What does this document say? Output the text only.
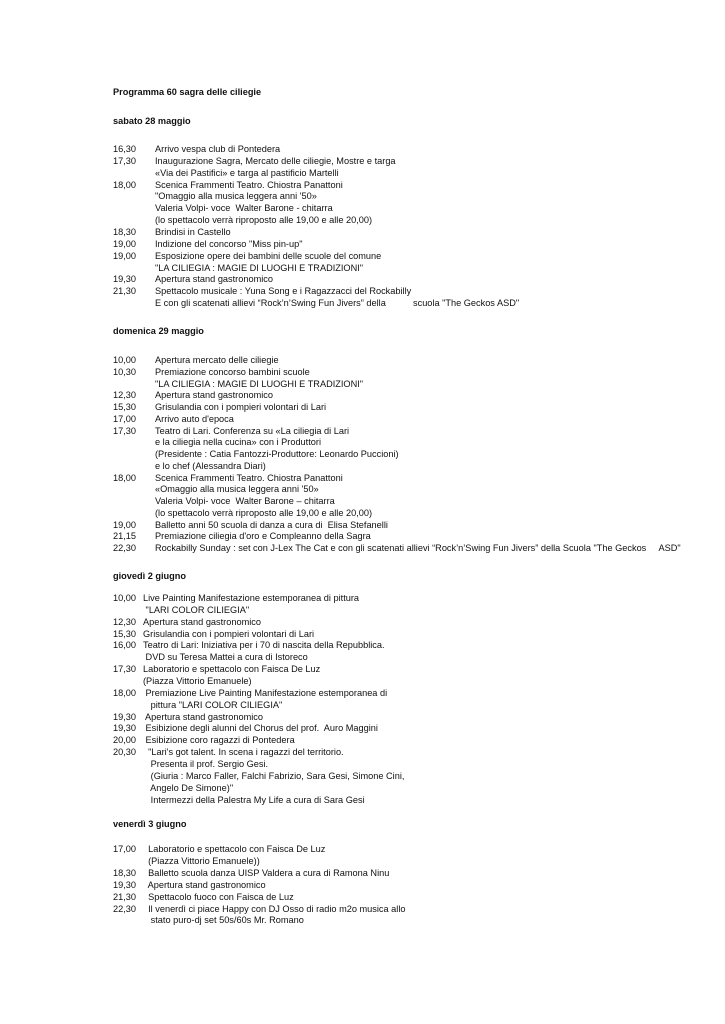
Programma 60 sagra delle ciliegie
sabato 28 maggio
16,30 Arrivo vespa club di Pontedera
17,30 Inaugurazione Sagra, Mercato delle ciliegie, Mostre e targa
«Via dei Pastifici» e targa al pastificio Martelli
18,00 Scenica Frammenti Teatro. Chiostra Panattoni
"Omaggio alla musica leggera anni '50»
Valeria Volpi- voce  Walter Barone - chitarra
(lo spettacolo verrà riproposto alle 19,00 e alle 20,00)
18,30 Brindisi in Castello
19,00 Indizione del concorso "Miss pin-up"
19,00 Esposizione opere dei bambini delle scuole del comune
"LA CILIEGIA : MAGIE DI LUOGHI E TRADIZIONI"
19,30 Apertura stand gastronomico
21,30 Spettacolo musicale : Yuna Song e i Ragazzacci del Rockabilly
E con gli scatenati allievi “Rock’n’Swing Fun Jivers” della	scuola "The Geckos ASD"
domenica 29 maggio
10,00 Apertura mercato delle ciliegie
10,30 Premiazione concorso bambini scuole
"LA CILIEGIA : MAGIE DI LUOGHI E TRADIZIONI"
12,30 Apertura stand gastronomico
15,30 Grisulandia con i pompieri volontari di Lari
17,00 Arrivo auto d'epoca
17,30 Teatro di Lari. Conferenza su «La ciliegia di Lari
e la ciliegia nella cucina» con i Produttori
(Presidente : Catia Fantozzi-Produttore: Leonardo Puccioni)
e lo chef (Alessandra Diari)
18,00 Scenica Frammenti Teatro. Chiostra Panattoni
«Omaggio alla musica leggera anni '50»
Valeria Volpi- voce  Walter Barone – chitarra
(lo spettacolo verrà riproposto alle 19,00 e alle 20,00)
19,00 Balletto anni 50 scuola di danza a cura di  Elisa Stefanelli
21,15 Premiazione ciliegia d'oro e Compleanno della Sagra
22,30 Rockabilly Sunday : set con J-Lex The Cat e con gli scatenati allievi “Rock’n’Swing Fun Jivers” della Scuola "The Geckos     ASD"
giovedì 2 giugno
10,00 Live Painting Manifestazione estemporanea di pittura
"LARI COLOR CILIEGIA"
12,30 Apertura stand gastronomico
15,30 Grisulandia con i pompieri volontari di Lari
16,00 Teatro di Lari: Iniziativa per i 70 di nascita della Repubblica.
DVD su Teresa Mattei a cura di Istoreco
17,30 Laboratorio e spettacolo con Faisca De Luz
(Piazza Vittorio Emanuele)
18,00 Premiazione Live Painting Manifestazione estemporanea di
pittura "LARI COLOR CILIEGIA"
19,30 Apertura stand gastronomico
19,30 Esibizione degli alunni del Chorus del prof.  Auro Maggini
20,00 Esibizione coro ragazzi di Pontedera
20,30 "Lari's got talent. In scena i ragazzi del territorio.
Presenta il prof. Sergio Gesi.
(Giuria : Marco Faller, Falchi Fabrizio, Sara Gesi, Simone Cini,
Angelo De Simone)"
Intermezzi della Palestra My Life a cura di Sara Gesi
venerdì 3 giugno
17,00 Laboratorio e spettacolo con Faisca De Luz
(Piazza Vittorio Emanuele))
18,30 Balletto scuola danza UISP Valdera a cura di Ramona Ninu
19,30 Apertura stand gastronomico
21,30 Spettacolo fuoco con Faisca de Luz
22,30 Il venerdì ci piace Happy con DJ Osso di radio m2o musica allo
stato puro-dj set 50s/60s Mr. Romano
